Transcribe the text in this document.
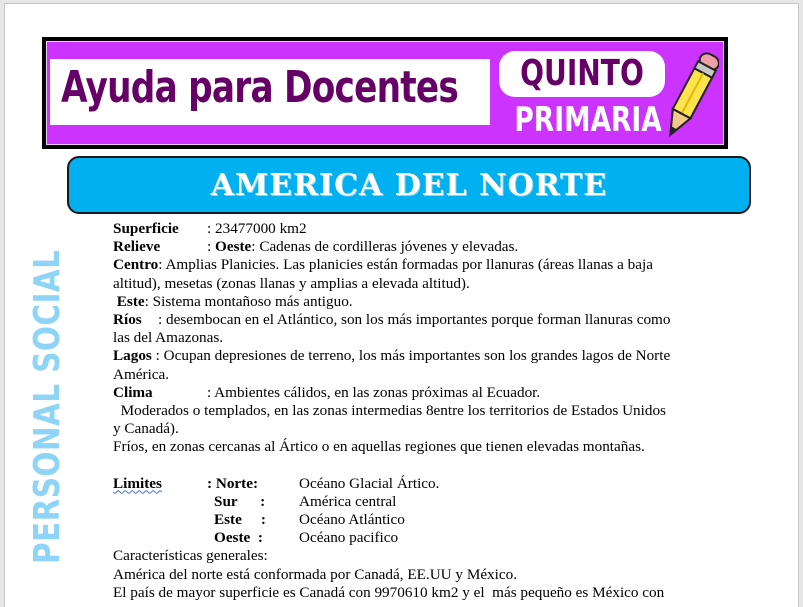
Ayuda para Docentes QUINTO
PRIMARIA
AMERICA DEL NORTE
PERSONAL SOCIAL
Superficie : 23477000 km2
Relieve	: Oeste: Cadenas de cordilleras jóvenes y elevadas.
Centro: Amplias Planicies. Las planicies están formadas por llanuras (áreas llanas a baja
altitud), mesetas (zonas llanas y amplias a elevada altitud).
Este: Sistema montañoso más antiguo.
Ríos : desembocan en el Atlántico, son los más importantes porque forman llanuras como
las del Amazonas.
Lagos : Ocupan depresiones de terreno, los más importantes son los grandes lagos de Norte
América.
Clima	: Ambientes cálidos, en las zonas próximas al Ecuador.
Moderados o templados, en las zonas intermedias 8entre los territorios de Estados Unidos
y Canadá).
Fríos, en zonas cercanas al Ártico o en aquellas regiones que tienen elevadas montañas.
Limites	: Norte:	Océano Glacial Ártico.
Sur      :	América central
Este     :	Océano Atlántico
Oeste  :	Océano pacifico
Características generales:
América del norte está conformada por Canadá, EE.UU y México.
El país de mayor superficie es Canadá con 9970610 km2 y el  más pequeño es México con
